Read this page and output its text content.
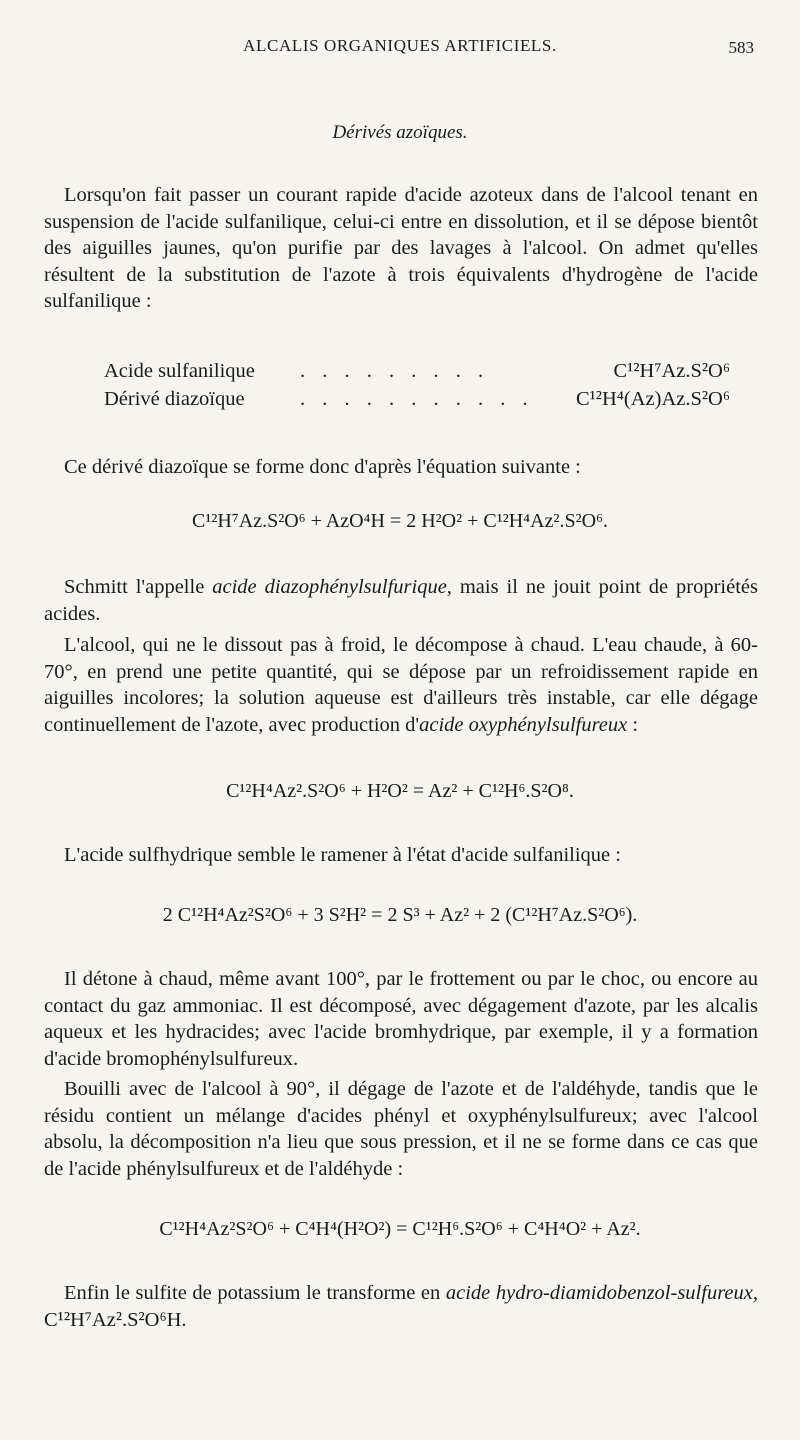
ALCALIS ORGANIQUES ARTIFICIELS.	583
Dérivés azoïques.

Lorsqu'on fait passer un courant rapide d'acide azoteux dans de l'alcool tenant en suspension de l'acide sulfanilique, celui-ci entre en dissolution, et il se dépose bientôt des aiguilles jaunes, qu'on purifie par des lavages à l'alcool. On admet qu'elles résultent de la substitution de l'azote à trois équivalents d'hydrogène de l'acide sulfanilique :

Acide sulfanilique . . . . . . . . .	C¹²H⁷Az.S²O⁶
Dérivé diazoïque	. . . . . . . . . . . C¹²H⁴(Az)Az.S²O⁶

Ce dérivé diazoïque se forme donc d'après l'équation suivante :

C¹²H⁷Az.S²O⁶ + AzO⁴H = 2 H²O² + C¹²H⁴Az².S²O⁶.

Schmitt l'appelle acide diazophénylsulfurique, mais il ne jouit point de propriétés acides.

L'alcool, qui ne le dissout pas à froid, le décompose à chaud. L'eau chaude, à 60-70°, en prend une petite quantité, qui se dépose par un refroidissement rapide en aiguilles incolores; la solution aqueuse est d'ailleurs très instable, car elle dégage continuellement de l'azote, avec production d'acide oxyphénylsulfureux :

C¹²H⁴Az².S²O⁶ + H²O² = Az² + C¹²H⁶.S²O⁸.

L'acide sulfhydrique semble le ramener à l'état d'acide sulfanilique :

2 C¹²H⁴Az²S²O⁶ + 3 S²H² = 2 S³ + Az² + 2 (C¹²H⁷Az.S²O⁶).

Il détone à chaud, même avant 100°, par le frottement ou par le choc, ou encore au contact du gaz ammoniac. Il est décomposé, avec dégagement d'azote, par les alcalis aqueux et les hydracides; avec l'acide bromhydrique, par exemple, il y a formation d'acide bromophénylsulfureux.

Bouilli avec de l'alcool à 90°, il dégage de l'azote et de l'aldéhyde, tandis que le résidu contient un mélange d'acides phényl et oxyphénylsulfureux; avec l'alcool absolu, la décomposition n'a lieu que sous pression, et il ne se forme dans ce cas que de l'acide phénylsulfureux et de l'aldéhyde :

C¹²H⁴Az²S²O⁶ + C⁴H⁴(H²O²) = C¹²H⁶.S²O⁶ + C⁴H⁴O² + Az².

Enfin le sulfite de potassium le transforme en acide hydro-diamidobenzol-sulfureux, C¹²H⁷Az².S²O⁶H.
